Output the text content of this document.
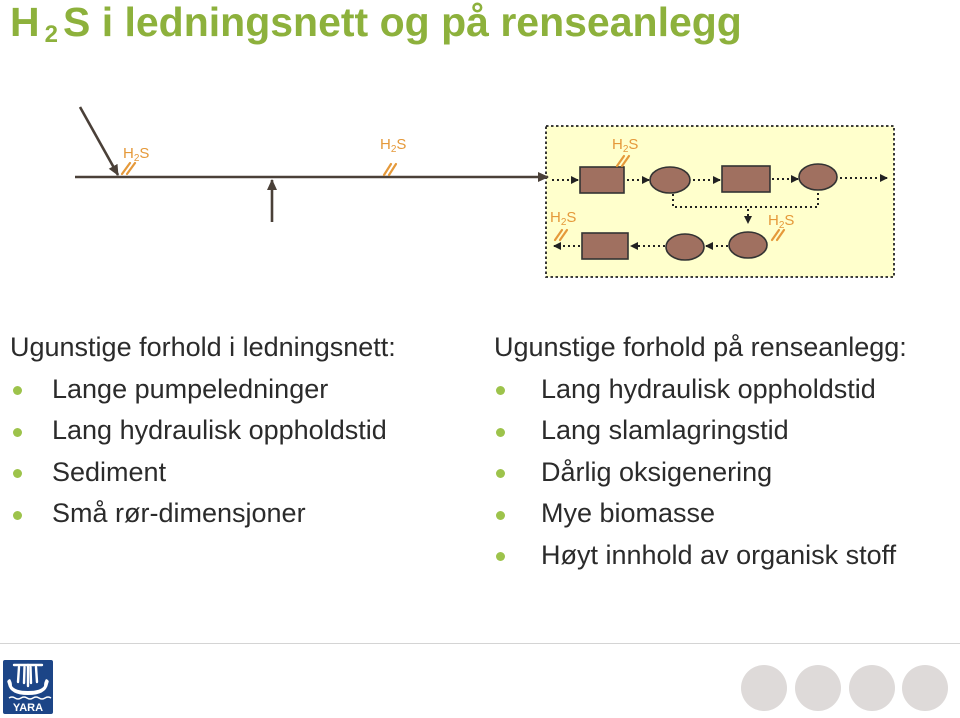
$H_2S$
$H_2S$	$H_2S$
$H_2S$	$H_2S$
H 2 S i ledningsnett og på renseanlegg
Ugunstige forhold i ledningsnett:
Lange pumpeledninger
Lang hydraulisk oppholdstid
Sediment
Små rør-dimensjoner
Ugunstige forhold på renseanlegg:
Lang hydraulisk oppholdstid
Lang slamlagringstid
Dårlig oksigenering
Mye biomasse
Høyt innhold av organisk stoff
YARA
